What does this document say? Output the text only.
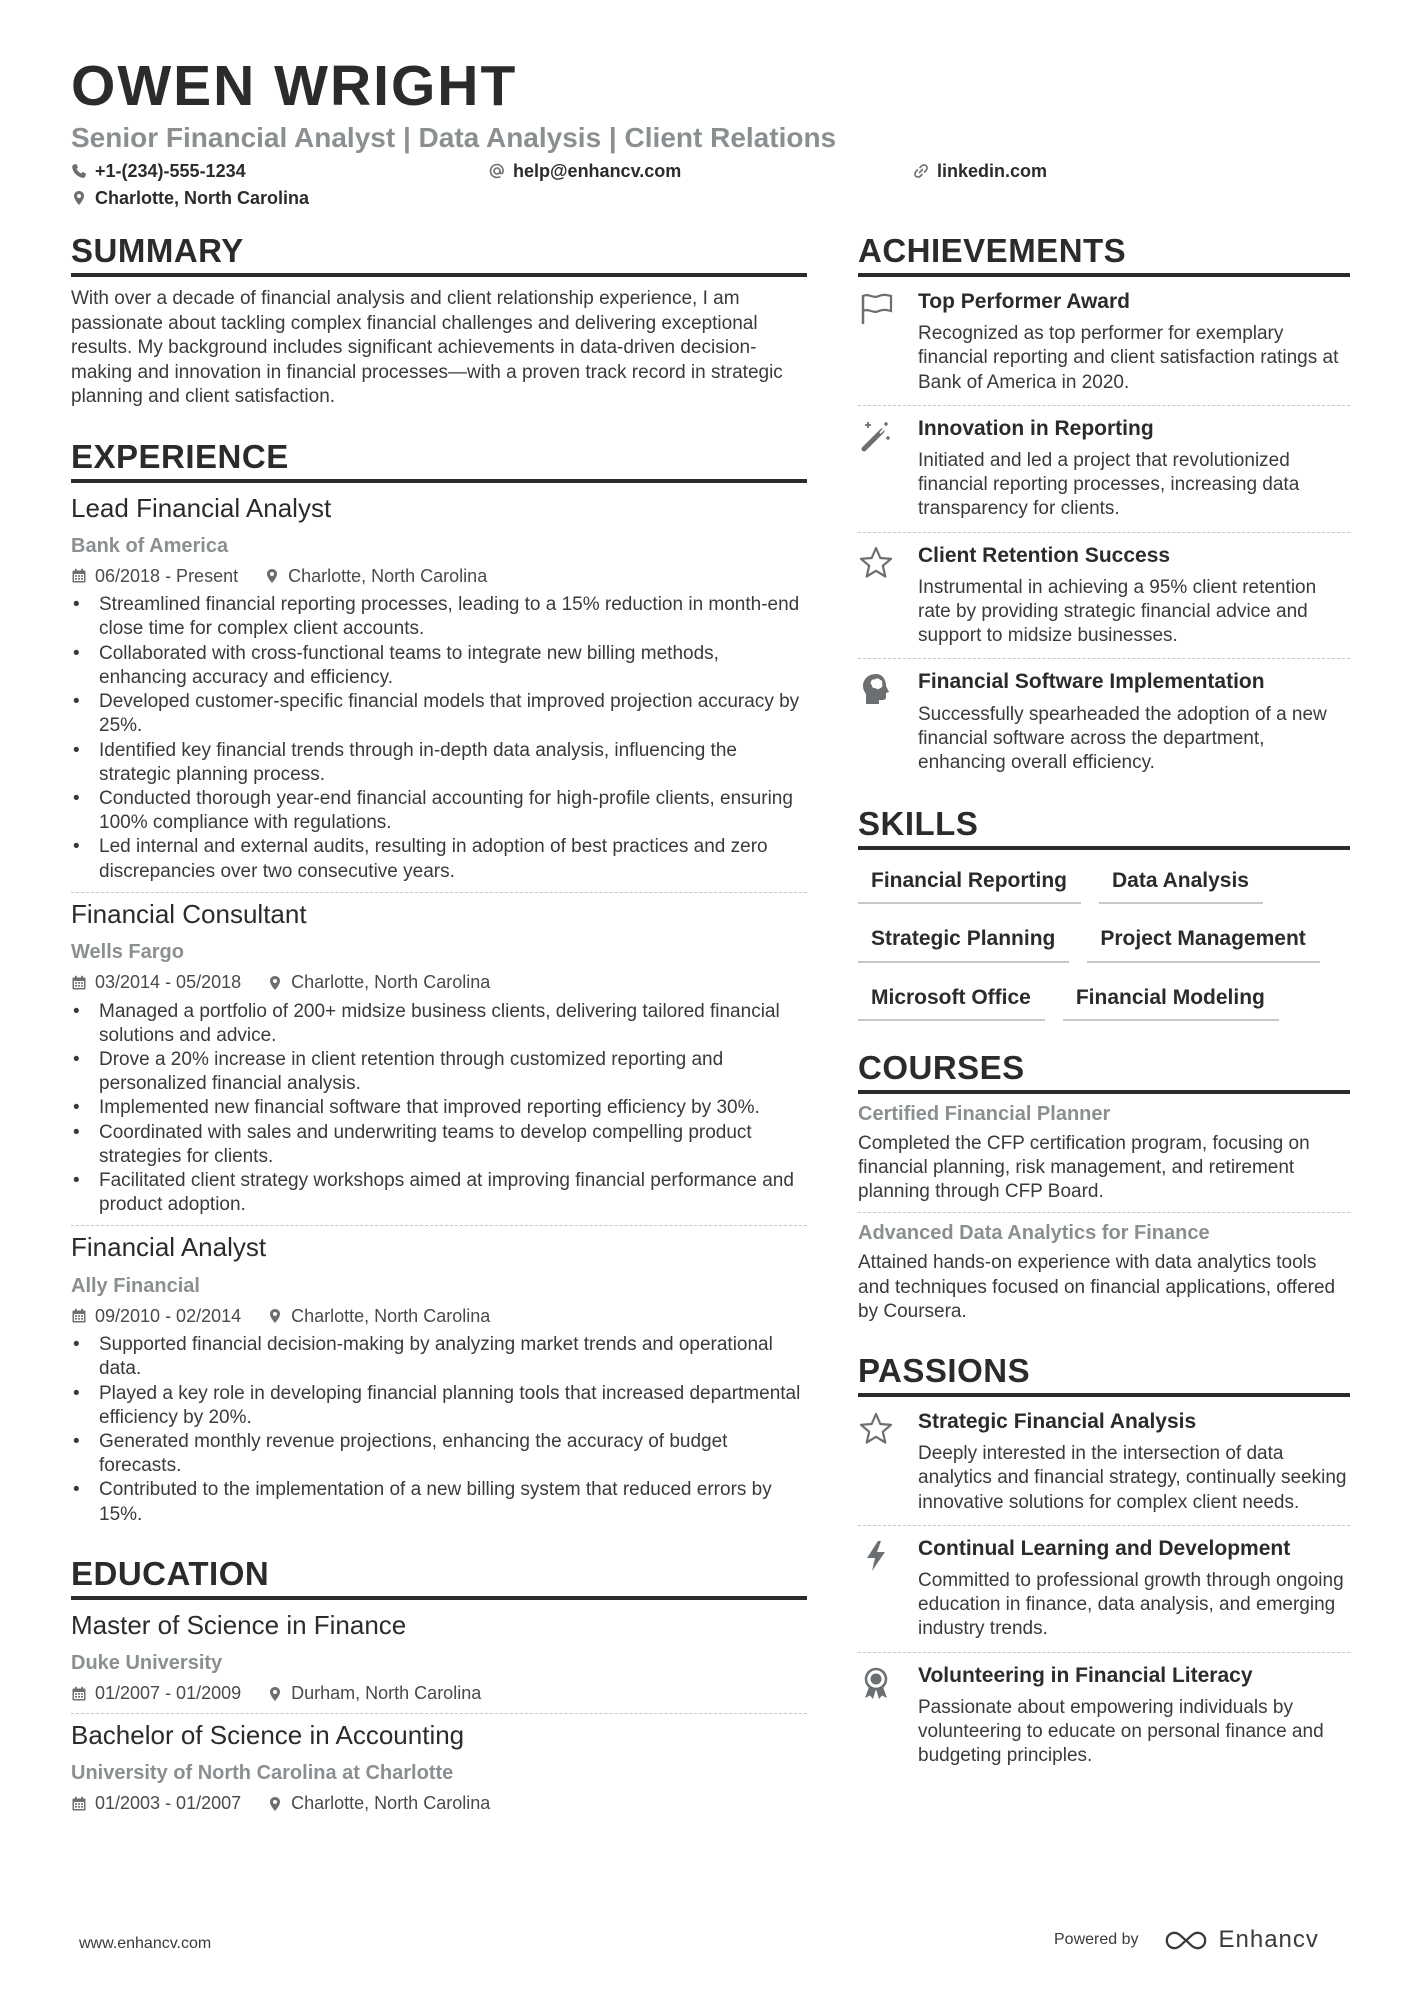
OWEN WRIGHT
Senior Financial Analyst | Data Analysis | Client Relations
+1-(234)-555-1234	help@enhancv.com	linkedin.com
Charlotte, North Carolina
SUMMARY
With over a decade of financial analysis and client relationship experience, I am passionate about tackling complex financial challenges and delivering exceptional results. My background includes significant achievements in data-driven decision-making and innovation in financial processes—with a proven track record in strategic planning and client satisfaction.
EXPERIENCE
Lead Financial Analyst
Bank of America
06/2018 - Present	Charlotte, North Carolina
• Streamlined financial reporting processes, leading to a 15% reduction in month-end close time for complex client accounts.
• Collaborated with cross-functional teams to integrate new billing methods, enhancing accuracy and efficiency.
• Developed customer-specific financial models that improved projection accuracy by 25%.
• Identified key financial trends through in-depth data analysis, influencing the strategic planning process.
• Conducted thorough year-end financial accounting for high-profile clients, ensuring 100% compliance with regulations.
• Led internal and external audits, resulting in adoption of best practices and zero discrepancies over two consecutive years.
Financial Consultant
Wells Fargo
03/2014 - 05/2018	Charlotte, North Carolina
• Managed a portfolio of 200+ midsize business clients, delivering tailored financial solutions and advice.
• Drove a 20% increase in client retention through customized reporting and personalized financial analysis.
• Implemented new financial software that improved reporting efficiency by 30%.
• Coordinated with sales and underwriting teams to develop compelling product strategies for clients.
• Facilitated client strategy workshops aimed at improving financial performance and product adoption.
Financial Analyst
Ally Financial
09/2010 - 02/2014	Charlotte, North Carolina
• Supported financial decision-making by analyzing market trends and operational data.
• Played a key role in developing financial planning tools that increased departmental efficiency by 20%.
• Generated monthly revenue projections, enhancing the accuracy of budget forecasts.
• Contributed to the implementation of a new billing system that reduced errors by 15%.
EDUCATION
Master of Science in Finance
Duke University
01/2007 - 01/2009	Durham, North Carolina
Bachelor of Science in Accounting
University of North Carolina at Charlotte
01/2003 - 01/2007	Charlotte, North Carolina
ACHIEVEMENTS
Top Performer Award
Recognized as top performer for exemplary financial reporting and client satisfaction ratings at Bank of America in 2020.
Innovation in Reporting
Initiated and led a project that revolutionized financial reporting processes, increasing data transparency for clients.
Client Retention Success
Instrumental in achieving a 95% client retention rate by providing strategic financial advice and support to midsize businesses.
Financial Software Implementation
Successfully spearheaded the adoption of a new financial software across the department, enhancing overall efficiency.
SKILLS
Financial Reporting	Data Analysis
Strategic Planning	Project Management
Microsoft Office	Financial Modeling
COURSES
Certified Financial Planner
Completed the CFP certification program, focusing on financial planning, risk management, and retirement planning through CFP Board.
Advanced Data Analytics for Finance
Attained hands-on experience with data analytics tools and techniques focused on financial applications, offered by Coursera.
PASSIONS
Strategic Financial Analysis
Deeply interested in the intersection of data analytics and financial strategy, continually seeking innovative solutions for complex client needs.
Continual Learning and Development
Committed to professional growth through ongoing education in finance, data analysis, and emerging industry trends.
Volunteering in Financial Literacy
Passionate about empowering individuals by volunteering to educate on personal finance and budgeting principles.
www.enhancv.com	Powered by	Enhancv
